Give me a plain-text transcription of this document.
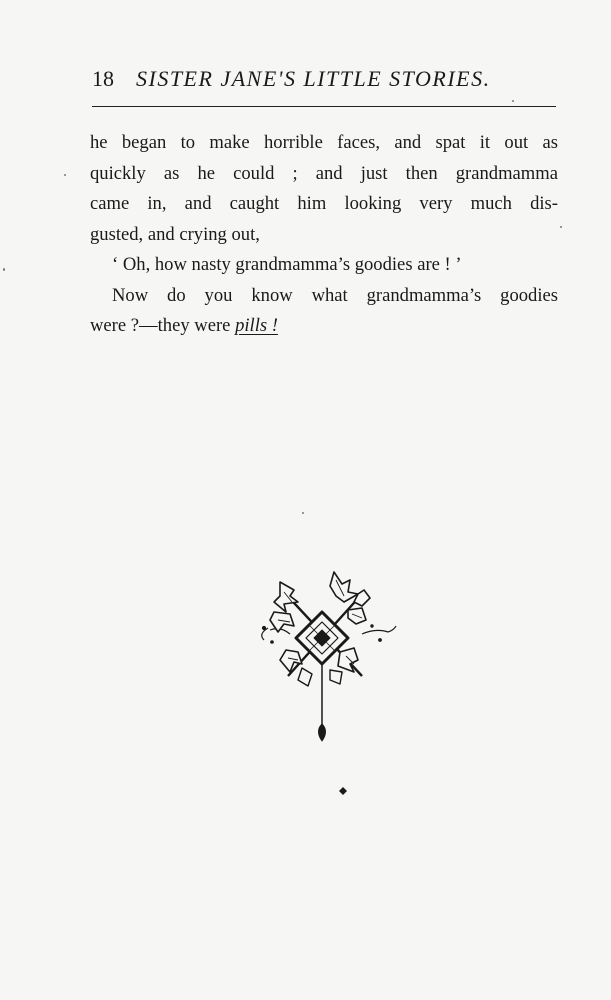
18 SISTER JANE'S LITTLE STORIES.
he began to make horrible faces, and spat it out as
quickly as he could ; and just then grandmamma
came in, and caught him looking very much dis-
gusted, and crying out,
‘ Oh, how nasty grandmamma’s goodies are ! ’
Now do you know what grandmamma’s goodies
were ?—they were pills !
